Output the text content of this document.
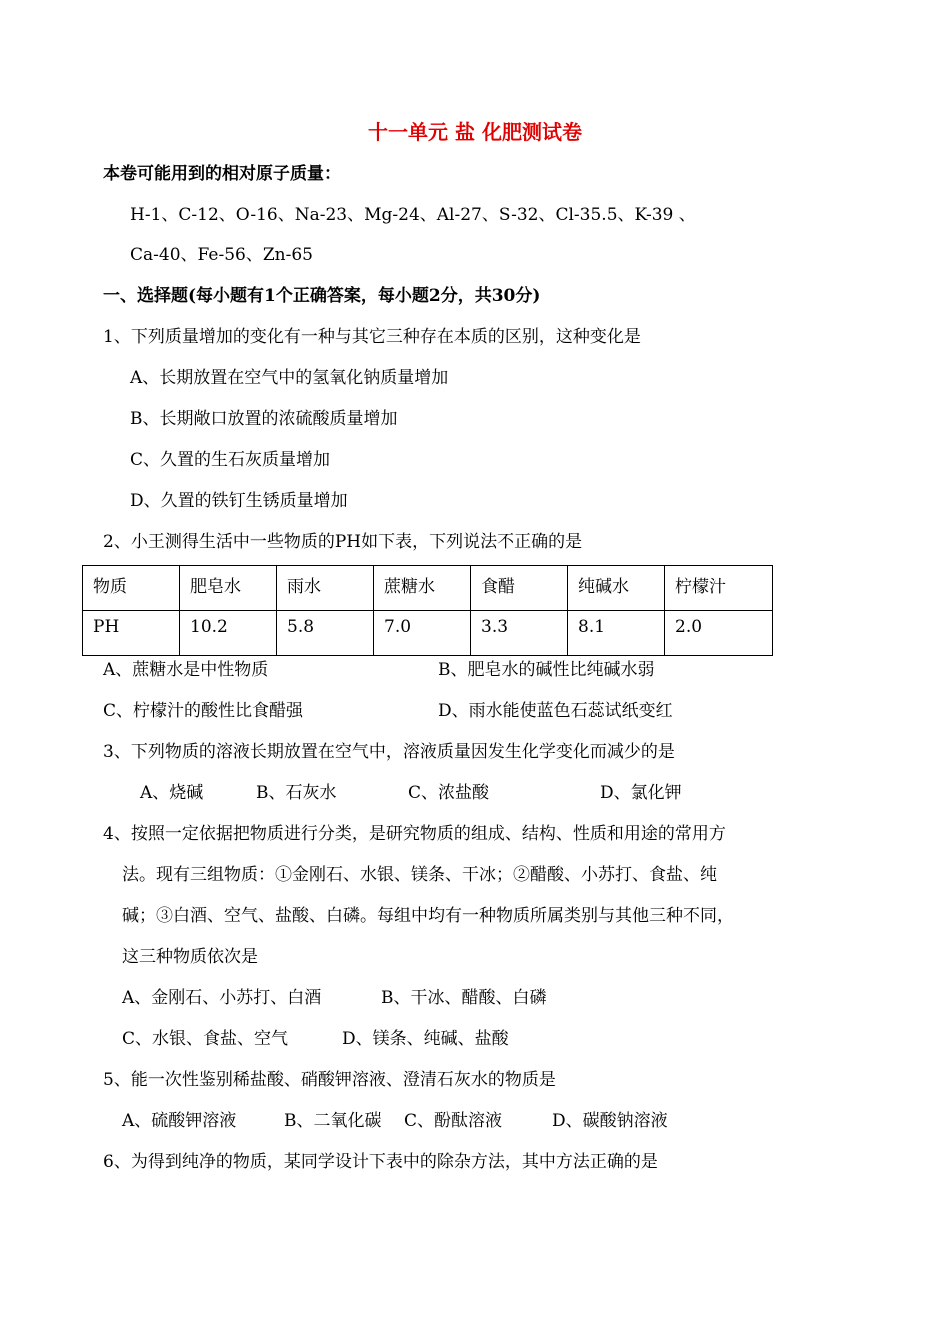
十一单元 盐 化肥测试卷
本卷可能用到的相对原子质量：
H-1、C-12、O-16、Na-23、Mg-24、Al-27、S-32、Cl-35.5、K-39 、
Ca-40、Fe-56、Zn-65
一、选择题(每小题有1个正确答案，每小题2分，共30分)
1、下列质量增加的变化有一种与其它三种存在本质的区别，这种变化是
A、长期放置在空气中的氢氧化钠质量增加
B、长期敞口放置的浓硫酸质量增加
C、久置的生石灰质量增加
D、久置的铁钉生锈质量增加
2、小王测得生活中一些物质的PH如下表，下列说法不正确的是
物质	肥皂水	雨水	蔗糖水	食醋	纯碱水	柠檬汁
PH	10.2	5.8	7.0	3.3	8.1	2.0
A、蔗糖水是中性物质	B、肥皂水的碱性比纯碱水弱
C、柠檬汁的酸性比食醋强	D、雨水能使蓝色石蕊试纸变红
3、下列物质的溶液长期放置在空气中，溶液质量因发生化学变化而减少的是
A、烧碱	B、石灰水	C、浓盐酸	D、氯化钾
4、按照一定依据把物质进行分类，是研究物质的组成、结构、性质和用途的常用方
法。现有三组物质：①金刚石、水银、镁条、干冰；②醋酸、小苏打、食盐、纯
碱；③白酒、空气、盐酸、白磷。每组中均有一种物质所属类别与其他三种不同，
这三种物质依次是
A、金刚石、小苏打、白酒	B、干冰、醋酸、白磷
C、水银、食盐、空气	D、镁条、纯碱、盐酸
5、能一次性鉴别稀盐酸、硝酸钾溶液、澄清石灰水的物质是
A、硫酸钾溶液	B、二氧化碳 C、酚酞溶液	D、碳酸钠溶液
6、为得到纯净的物质，某同学设计下表中的除杂方法，其中方法正确的是
